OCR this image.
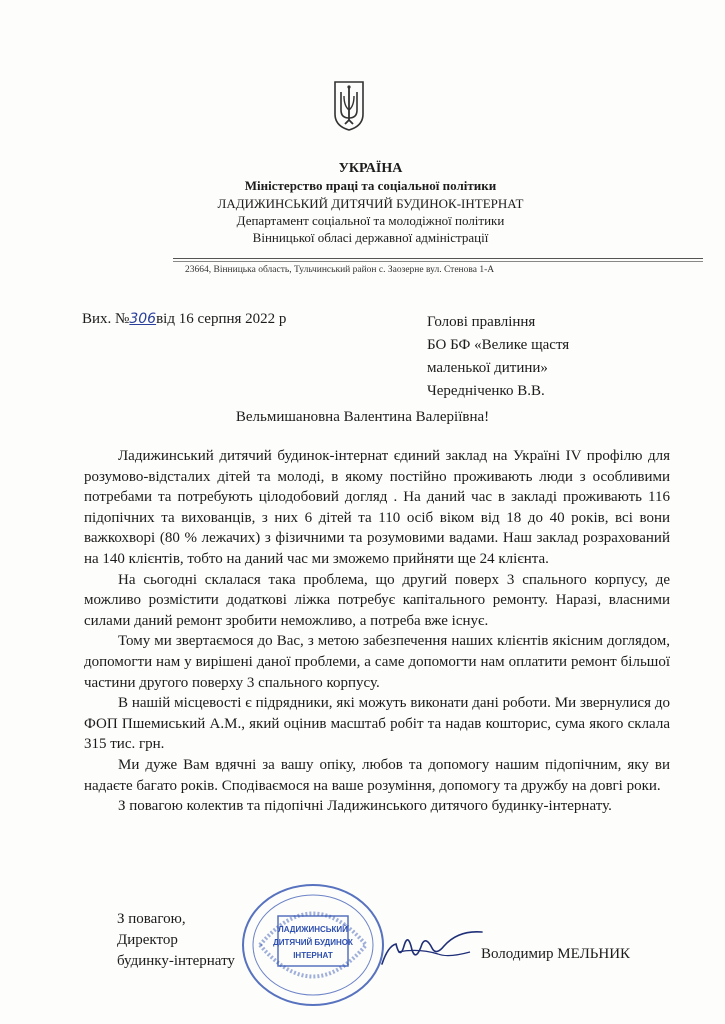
УКРАЇНА
Міністерство праці та соціальної політики
ЛАДИЖИНСЬКИЙ ДИТЯЧИЙ БУДИНОК-ІНТЕРНАТ
Департамент соціальної та молодіжної політики
Вінницької обласі державної адміністрації
23664, Вінницька область, Тульчинський район с. Заозерне вул. Стенова 1-А
Вих. №306від 16 серпня 2022 р	Голові правління
БО БФ «Велике щастя
маленької дитини»
Чередніченко В.В.
Вельмишановна Валентина Валеріївна!

Ладижинський дитячий будинок-інтернат єдиний заклад на Україні IV профілю для розумово-відсталих дітей та молоді, в якому постійно проживають люди з особливими потребами та потребують цілодобовий догляд . На даний час в закладі проживають 116 підопічних та вихованців, з них 6 дітей та 110 осіб віком від 18 до 40 років, всі вони важкохворі (80 % лежачих) з фізичними та розумовими вадами. Наш заклад розрахований на 140 клієнтів, тобто на даний час ми зможемо прийняти ще 24 клієнта.

На сьогодні склалася така проблема, що другий поверх 3 спального корпусу, де можливо розмістити додаткові ліжка потребує капітального ремонту. Наразі, власними силами даний ремонт зробити неможливо, а потреба вже існує.

Тому ми звертаємося до Вас, з метою забезпечення наших клієнтів якісним доглядом, допомогти нам у вирішені даної проблеми, а саме допомогти нам оплатити ремонт більшої частини другого поверху 3 спального корпусу.

В нашій місцевості є підрядники, які можуть виконати дані роботи. Ми звернулися до ФОП Пшемиський А.М., який оцінив масштаб робіт та надав кошторис, сума якого склала 315 тис. грн.

Ми дуже Вам вдячні за вашу опіку, любов та допомогу нашим підопічним, яку ви надаєте багато років. Сподіваємося на ваше розуміння, допомогу та дружбу на довгі роки.

З повагою колектив та підопічні Ладижинського дитячого будинку-інтернату.

З повагою,
Директор
будинку-інтернату
ЛАДИЖИНСЬКИЙ
ДИТЯЧИЙ БУДИНОК
ІНТЕРНАТ	Володимир МЕЛЬНИК
